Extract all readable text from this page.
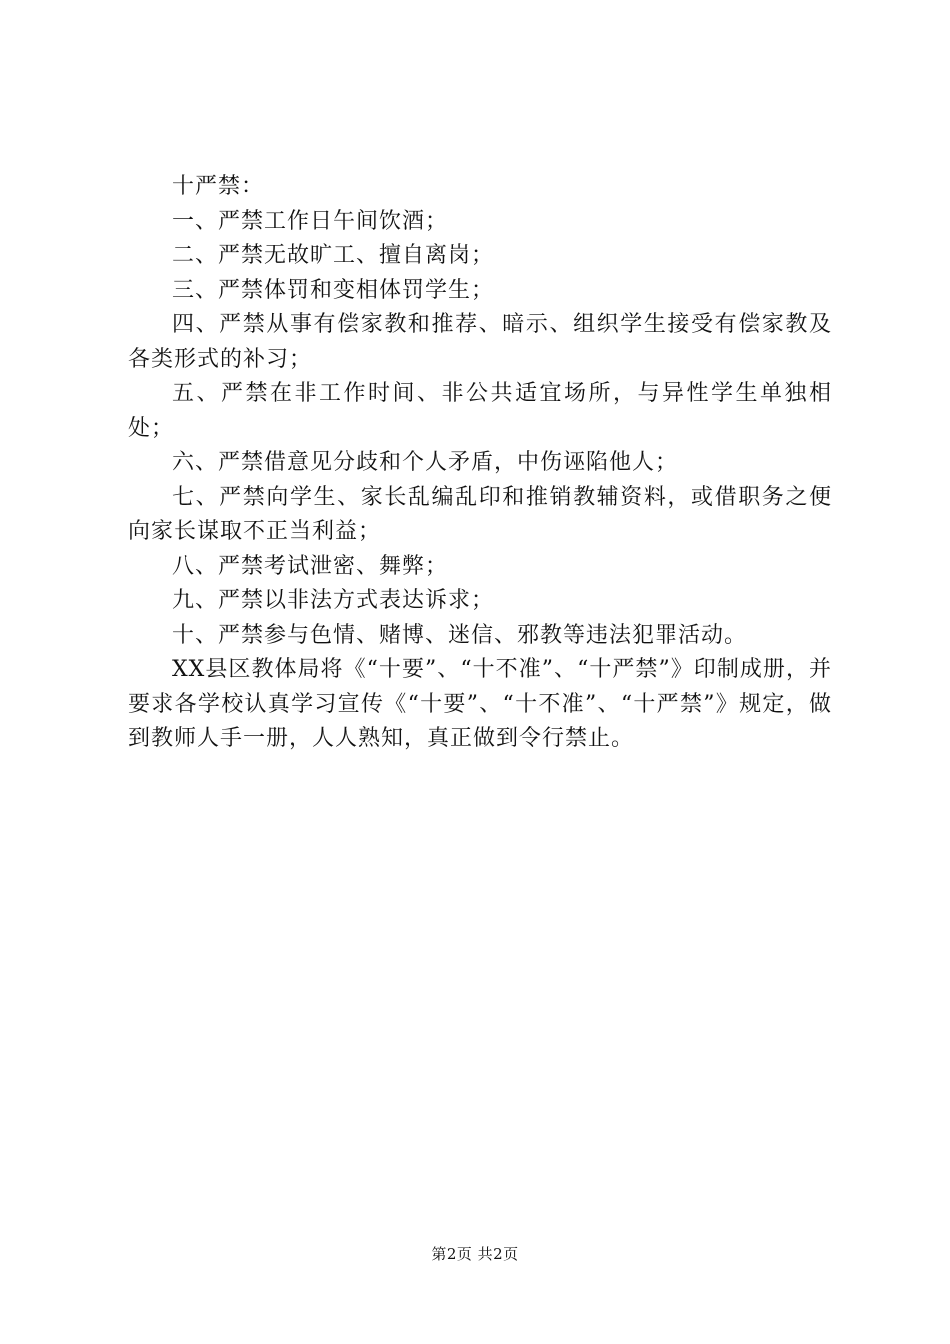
十严禁：

一、严禁工作日午间饮酒；

二、严禁无故旷工、擅自离岗；

三、严禁体罚和变相体罚学生；

四、严禁从事有偿家教和推荐、暗示、组织学生接受有偿家教及各类形式的补习；

五、严禁在非工作时间、非公共适宜场所，与异性学生单独相处；

六、严禁借意见分歧和个人矛盾，中伤诬陷他人；

七、严禁向学生、家长乱编乱印和推销教辅资料，或借职务之便向家长谋取不正当利益；

八、严禁考试泄密、舞弊；

九、严禁以非法方式表达诉求；

十、严禁参与色情、赌博、迷信、邪教等违法犯罪活动。

XX县区教体局将《“十要”、“十不准”、“十严禁”》印制成册，并要求各学校认真学习宣传《“十要”、“十不准”、“十严禁”》规定，做到教师人手一册，人人熟知，真正做到令行禁止。

第2页 共2页
